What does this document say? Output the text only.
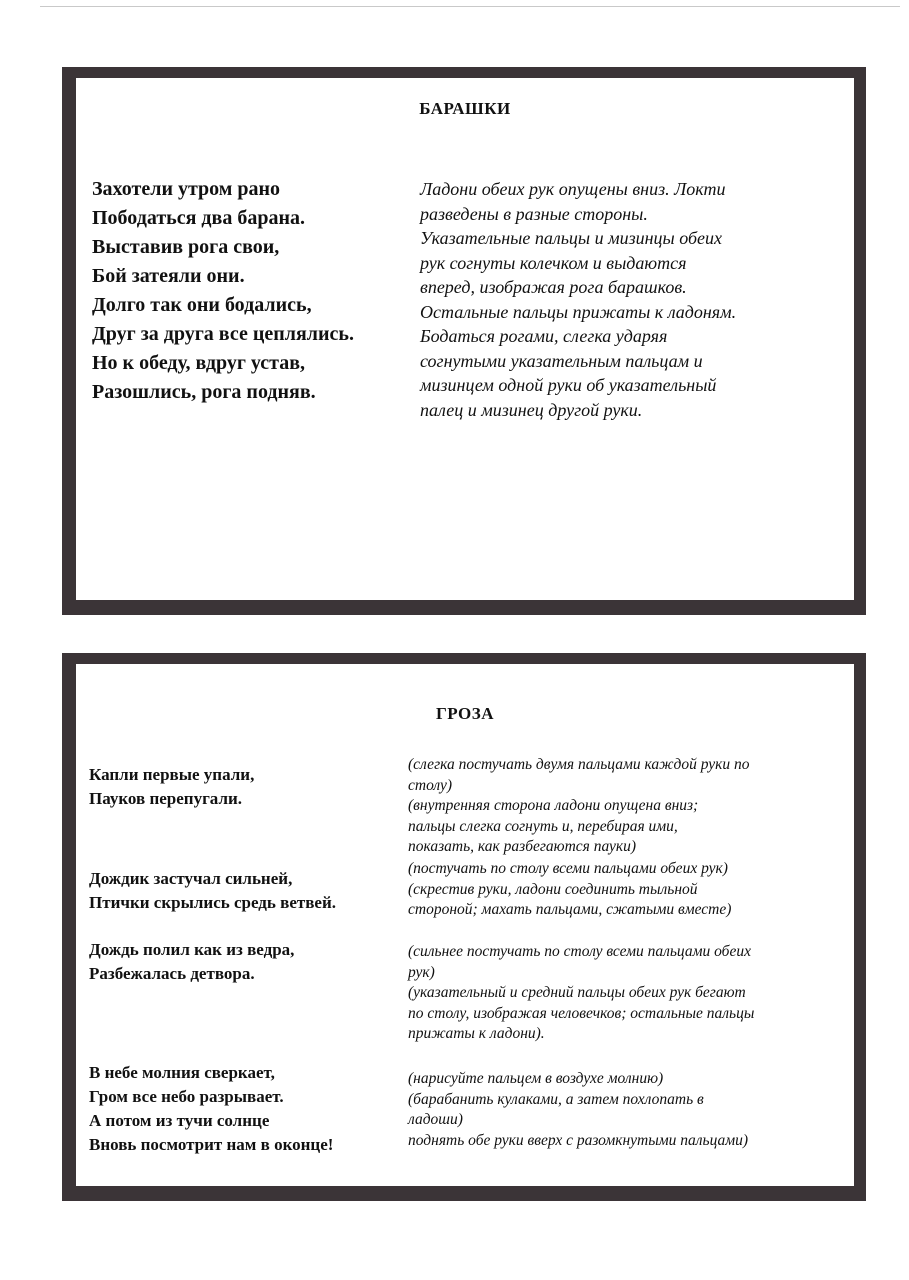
БАРАШКИ
Захотели утром рано
Пободаться два барана.
Выставив рога свои,
Бой затеяли они.
Долго так они бодались,
Друг за друга все цеплялись.
Но к обеду, вдруг устав,
Разошлись, рога подняв.
Ладони обеих рук опущены вниз. Локти
разведены в разные стороны.
Указательные пальцы и мизинцы обеих
рук согнуты колечком и выдаются
вперед, изображая рога барашков.
Остальные пальцы прижаты к ладоням.
Бодаться рогами, слегка ударяя
согнутыми указательным пальцам и
мизинцем одной руки об указательный
палец и мизинец другой руки.
ГРОЗА
Капли первые упали,
Пауков перепугали.
Дождик застучал сильней,
Птички скрылись средь ветвей.
Дождь полил как из ведра,
Разбежалась детвора.
В небе молния сверкает,
Гром все небо разрывает.
А потом из тучи солнце
Вновь посмотрит нам в оконце!
(слегка постучать двумя пальцами каждой руки по
столу)
(внутренняя сторона ладони опущена вниз;
пальцы слегка согнуть и, перебирая ими,
показать, как разбегаются пауки)
(постучать по столу всеми пальцами обеих рук)
(скрестив руки, ладони соединить тыльной
стороной; махать пальцами, сжатыми вместе)
(сильнее постучать по столу всеми пальцами обеих
рук)
(указательный и средний пальцы обеих рук бегают
по столу, изображая человечков; остальные пальцы
прижаты к ладони).
(нарисуйте пальцем в воздухе молнию)
(барабанить кулаками, а затем похлопать в
ладоши)
поднять обе руки вверх с разомкнутыми пальцами)
